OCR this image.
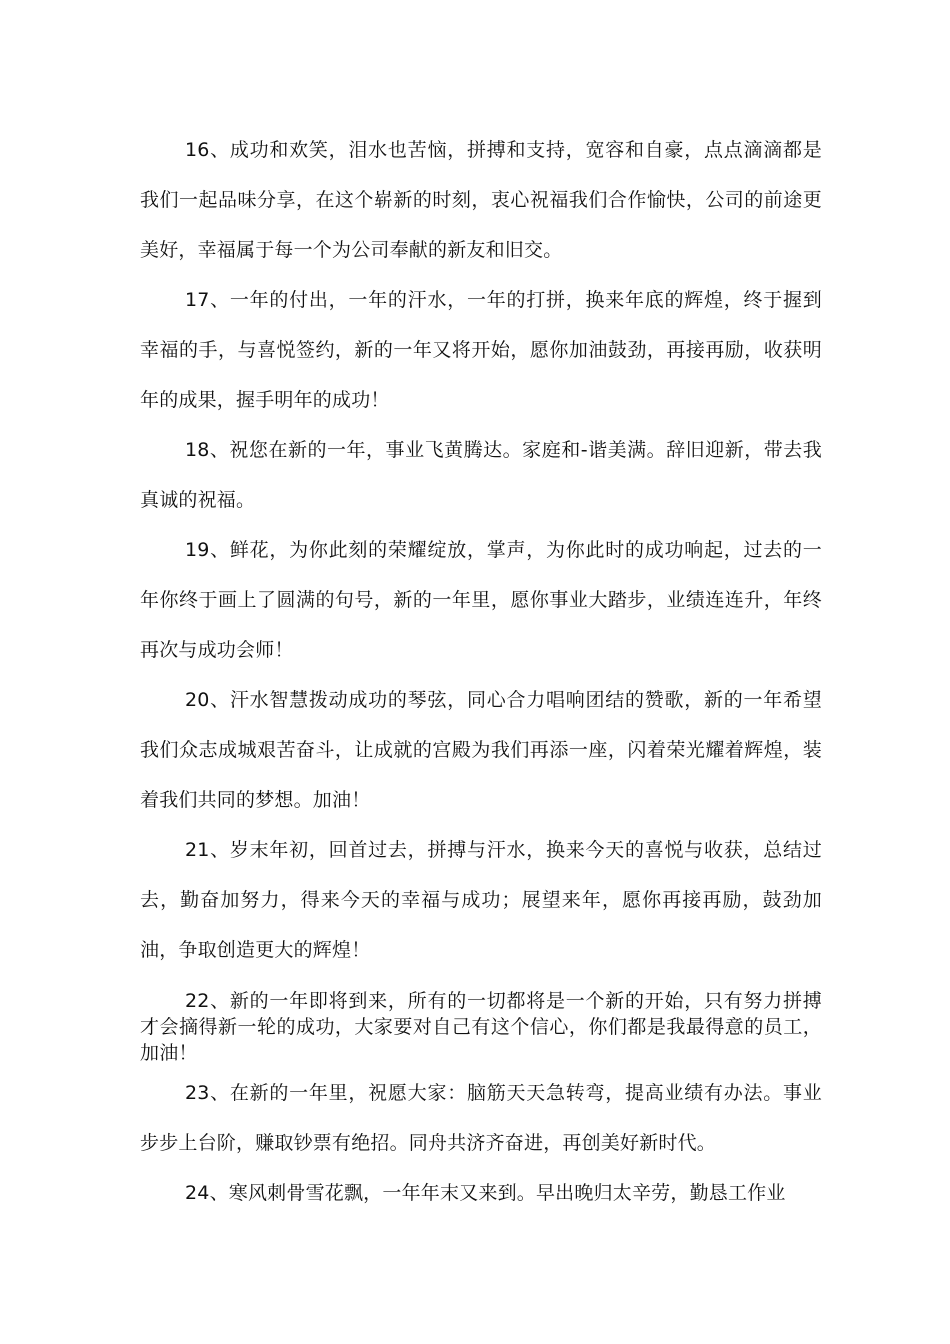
16、成功和欢笑，泪水也苦恼，拼搏和支持，宽容和自豪，点点滴滴都是我们一起品味分享，在这个崭新的时刻，衷心祝福我们合作愉快，公司的前途更美好，幸福属于每一个为公司奉献的新友和旧交。

17、一年的付出，一年的汗水，一年的打拼，换来年底的辉煌，终于握到幸福的手，与喜悦签约，新的一年又将开始，愿你加油鼓劲，再接再励，收获明年的成果，握手明年的成功！

18、祝您在新的一年，事业飞黄腾达。家庭和-谐美满。辞旧迎新，带去我真诚的祝福。

19、鲜花，为你此刻的荣耀绽放，掌声，为你此时的成功响起，过去的一年你终于画上了圆满的句号，新的一年里，愿你事业大踏步，业绩连连升，年终再次与成功会师！

20、汗水智慧拨动成功的琴弦，同心合力唱响团结的赞歌，新的一年希望我们众志成城艰苦奋斗，让成就的宫殿为我们再添一座，闪着荣光耀着辉煌，装着我们共同的梦想。加油！

21、岁末年初，回首过去，拼搏与汗水，换来今天的喜悦与收获，总结过去，勤奋加努力，得来今天的幸福与成功；展望来年，愿你再接再励，鼓劲加油，争取创造更大的辉煌！

22、新的一年即将到来，所有的一切都将是一个新的开始，只有努力拼搏才会摘得新一轮的成功，大家要对自己有这个信心，你们都是我最得意的员工，加油！

23、在新的一年里，祝愿大家：脑筋天天急转弯，提高业绩有办法。事业步步上台阶，赚取钞票有绝招。同舟共济齐奋进，再创美好新时代。

24、寒风刺骨雪花飘，一年年末又来到。早出晚归太辛劳，勤恳工作业
